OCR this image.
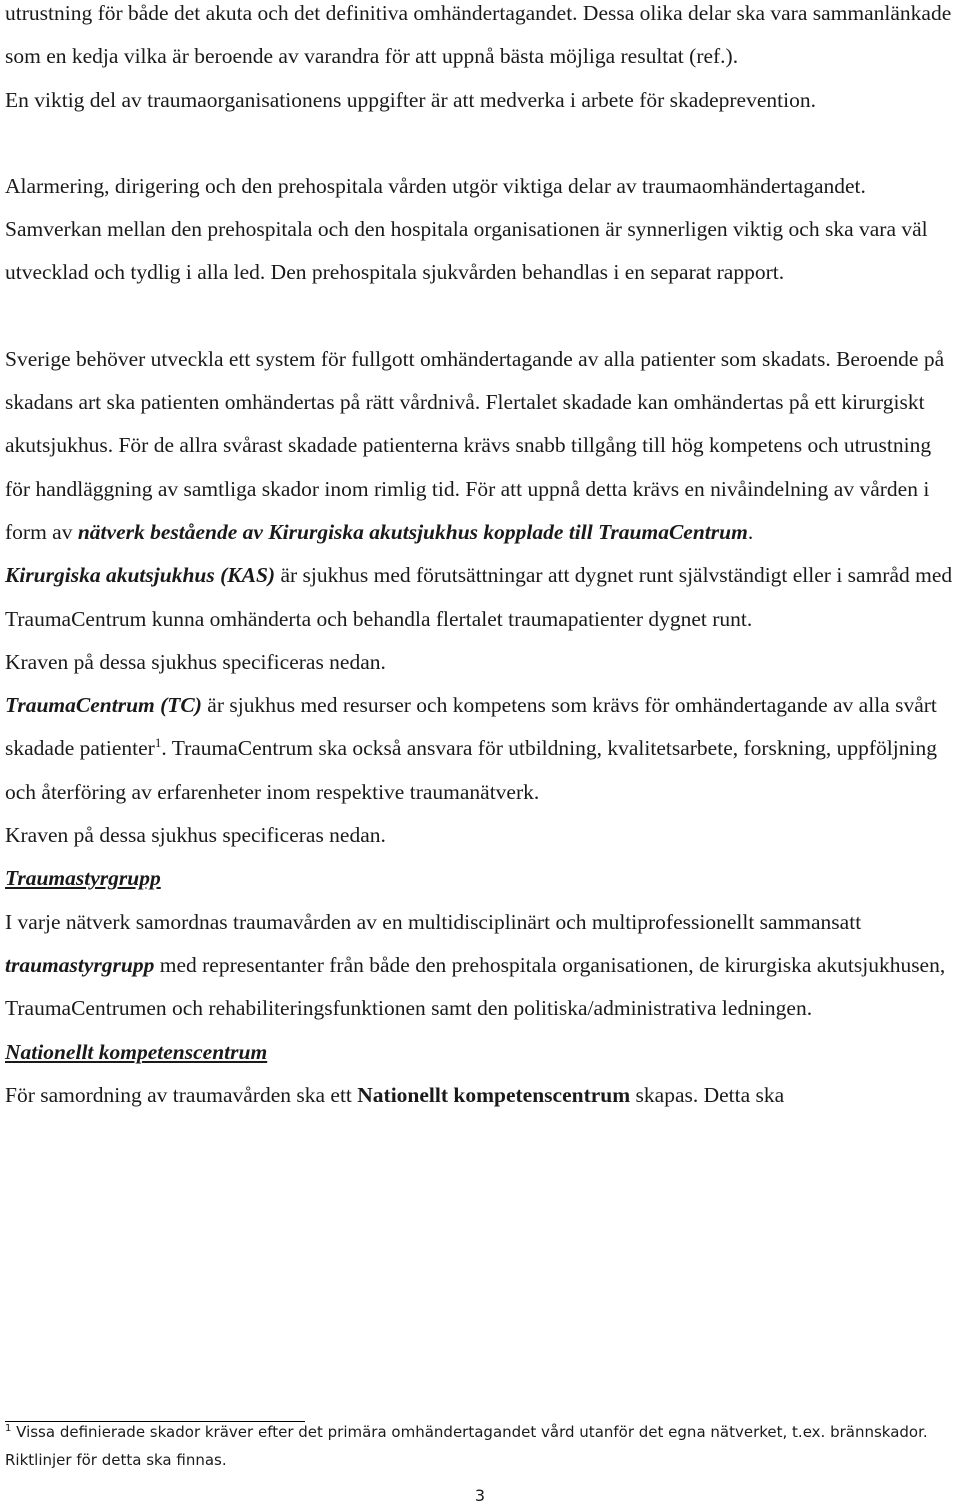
utrustning för både det akuta och det definitiva omhändertagandet. Dessa olika delar ska vara sammanlänkade som en kedja vilka är beroende av varandra för att uppnå bästa möjliga resultat (ref.).

En viktig del av traumaorganisationens uppgifter är att medverka i arbete för skadeprevention.

Alarmering, dirigering och den prehospitala vården utgör viktiga delar av traumaomhändertagandet. Samverkan mellan den prehospitala och den hospitala organisationen är synnerligen viktig och ska vara väl utvecklad och tydlig i alla led. Den prehospitala sjukvården behandlas i en separat rapport.

Sverige behöver utveckla ett system för fullgott omhändertagande av alla patienter som skadats. Beroende på skadans art ska patienten omhändertas på rätt vårdnivå. Flertalet skadade kan omhändertas på ett kirurgiskt akutsjukhus. För de allra svårast skadade patienterna krävs snabb tillgång till hög kompetens och utrustning för handläggning av samtliga skador inom rimlig tid. För att uppnå detta krävs en nivåindelning av vården i form av nätverk bestående av Kirurgiska akutsjukhus kopplade till TraumaCentrum.

Kirurgiska akutsjukhus (KAS) är sjukhus med förutsättningar att dygnet runt självständigt eller i samråd med TraumaCentrum kunna omhänderta och behandla flertalet traumapatienter dygnet runt.

Kraven på dessa sjukhus specificeras nedan.

TraumaCentrum (TC) är sjukhus med resurser och kompetens som krävs för omhändertagande av alla svårt skadade patienter$^1$. TraumaCentrum ska också ansvara för utbildning, kvalitetsarbete, forskning, uppföljning och återföring av erfarenheter inom respektive traumanätverk.

Kraven på dessa sjukhus specificeras nedan.

Traumastyrgrupp

I varje nätverk samordnas traumavården av en multidisciplinärt och multiprofessionellt sammansatt traumastyrgrupp med representanter från både den prehospitala organisationen, de kirurgiska akutsjukhusen, TraumaCentrumen och rehabiliteringsfunktionen samt den politiska/administrativa ledningen.

Nationellt kompetenscentrum

För samordning av traumavården ska ett Nationellt kompetenscentrum skapas. Detta ska

$^1$ Vissa definierade skador kräver efter det primära omhändertagandet vård utanför det egna nätverket, t.ex. brännskador. Riktlinjer för detta ska finnas.

3
